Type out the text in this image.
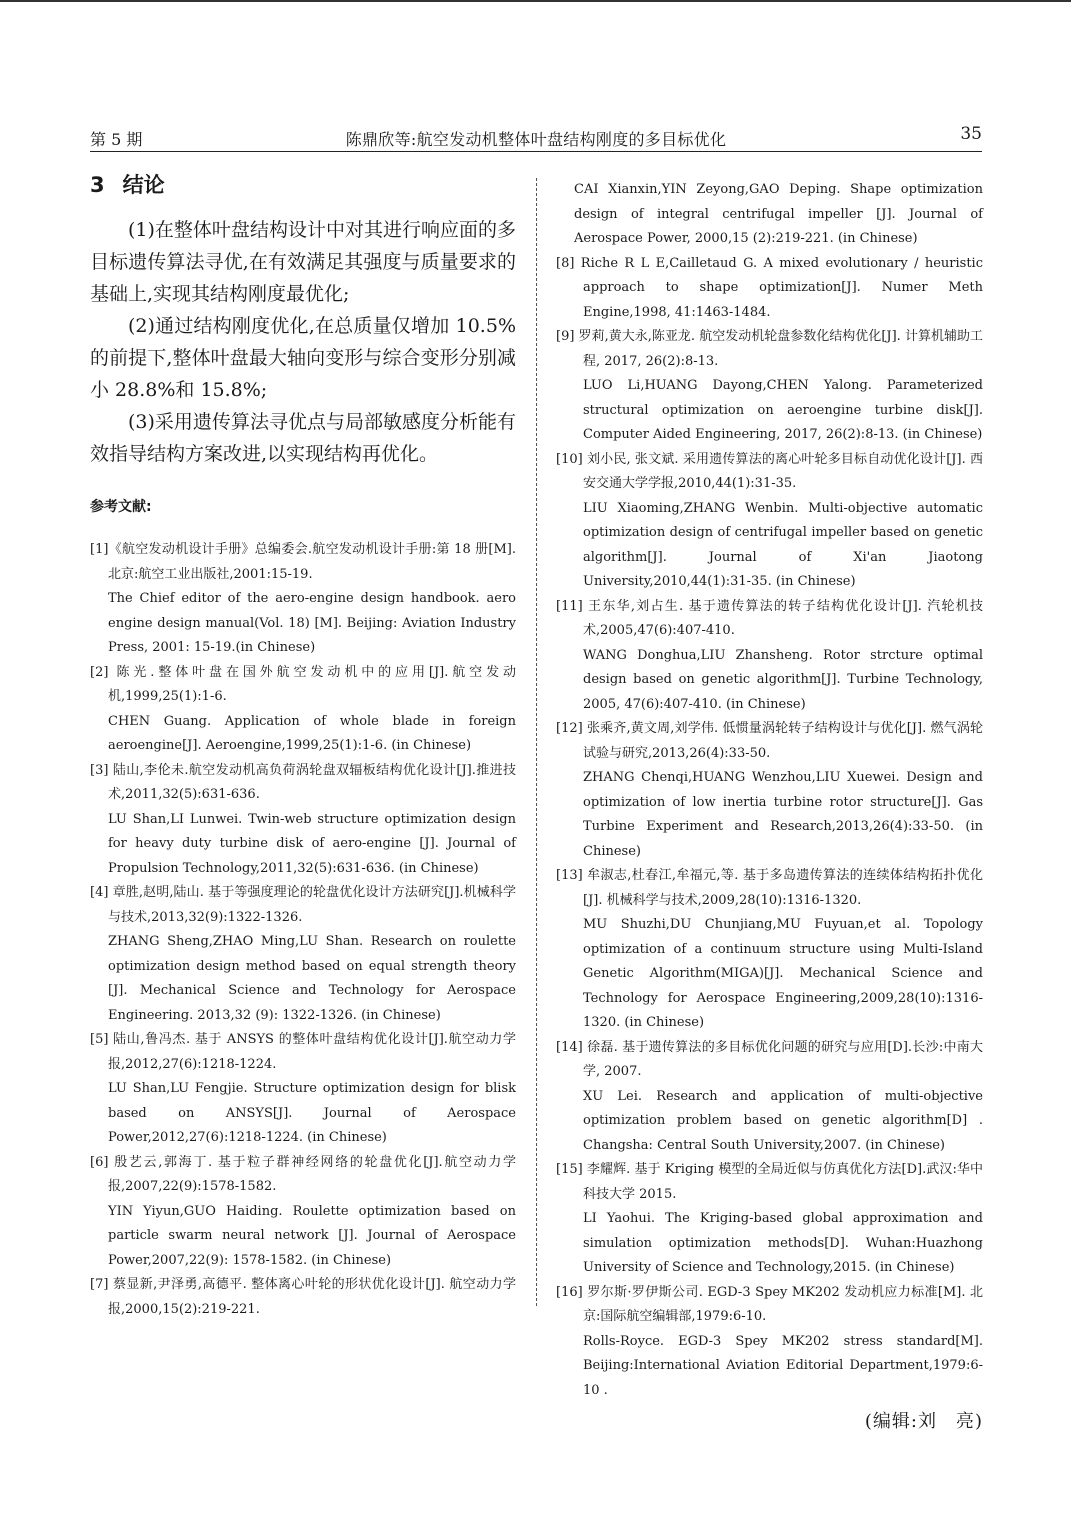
第 5 期	陈鼎欣等:航空发动机整体叶盘结构刚度的多目标优化	35
3 结论

(1)在整体叶盘结构设计中对其进行响应面的多目标遗传算法寻优,在有效满足其强度与质量要求的基础上,实现其结构刚度最优化;

(2)通过结构刚度优化,在总质量仅增加 10.5%的前提下,整体叶盘最大轴向变形与综合变形分别减小 28.8%和 15.8%;

(3)采用遗传算法寻优点与局部敏感度分析能有效指导结构方案改进,以实现结构再优化。

参考文献:

[1]《航空发动机设计手册》总编委会.航空发动机设计手册:第 18 册[M].北京:航空工业出版社,2001:15-19.

The Chief editor of the aero-engine design handbook. aero engine design manual(Vol. 18) [M]. Beijing: Aviation Industry Press, 2001: 15-19.(in Chinese)

[2] 陈光.整体叶盘在国外航空发动机中的应用[J].航空发动机,1999,25(1):1-6.

CHEN Guang. Application of whole blade in foreign aeroengine[J]. Aeroengine,1999,25(1):1-6. (in Chinese)

[3] 陆山,李伦未.航空发动机高负荷涡轮盘双辐板结构优化设计[J].推进技术,2011,32(5):631-636.

LU Shan,LI Lunwei. Twin-web structure optimization design for heavy duty turbine disk of aero-engine [J]. Journal of Propulsion Technology,2011,32(5):631-636. (in Chinese)

[4] 章胜,赵明,陆山. 基于等强度理论的轮盘优化设计方法研究[J].机械科学与技术,2013,32(9):1322-1326.

ZHANG Sheng,ZHAO Ming,LU Shan. Research on roulette optimization design method based on equal strength theory [J]. Mechanical Science and Technology for Aerospace Engineering. 2013,32 (9): 1322-1326. (in Chinese)

[5] 陆山,鲁冯杰. 基于 ANSYS 的整体叶盘结构优化设计[J].航空动力学报,2012,27(6):1218-1224.

LU Shan,LU Fengjie. Structure optimization design for blisk based on ANSYS[J]. Journal of Aerospace Power,2012,27(6):1218-1224. (in Chinese)

[6] 殷艺云,郭海丁. 基于粒子群神经网络的轮盘优化[J].航空动力学报,2007,22(9):1578-1582.

YIN Yiyun,GUO Haiding. Roulette optimization based on particle swarm neural network [J]. Journal of Aerospace Power,2007,22(9): 1578-1582. (in Chinese)

[7] 蔡显新,尹泽勇,高德平. 整体离心叶轮的形状优化设计[J]. 航空动力学报,2000,15(2):219-221.

CAI Xianxin,YIN Zeyong,GAO Deping. Shape optimization design of integral centrifugal impeller [J]. Journal of Aerospace Power, 2000,15 (2):219-221. (in Chinese)

[8] Riche R L E,Cailletaud G. A mixed evolutionary / heuristic approach to shape optimization[J]. Numer Meth Engine,1998, 41:1463-1484.

[9] 罗莉,黄大永,陈亚龙. 航空发动机轮盘参数化结构优化[J]. 计算机辅助工程, 2017, 26(2):8-13.

LUO Li,HUANG Dayong,CHEN Yalong. Parameterized structural optimization on aeroengine turbine disk[J]. Computer Aided Engineering, 2017, 26(2):8-13. (in Chinese)

[10] 刘小民, 张文斌. 采用遗传算法的离心叶轮多目标自动优化设计[J]. 西安交通大学学报,2010,44(1):31-35.

LIU Xiaoming,ZHANG Wenbin. Multi-objective automatic optimization design of centrifugal impeller based on genetic algorithm[J]. Journal of Xi'an Jiaotong University,2010,44(1):31-35. (in Chinese)

[11] 王东华,刘占生. 基于遗传算法的转子结构优化设计[J]. 汽轮机技术,2005,47(6):407-410.

WANG Donghua,LIU Zhansheng. Rotor strcture optimal design based on genetic algorithm[J]. Turbine Technology, 2005, 47(6):407-410. (in Chinese)

[12] 张乘齐,黄文周,刘学伟. 低惯量涡轮转子结构设计与优化[J]. 燃气涡轮试验与研究,2013,26(4):33-50.

ZHANG Chenqi,HUANG Wenzhou,LIU Xuewei. Design and optimization of low inertia turbine rotor structure[J]. Gas Turbine Experiment and Research,2013,26(4):33-50. (in Chinese)

[13] 牟淑志,杜春江,牟福元,等. 基于多岛遗传算法的连续体结构拓扑优化[J]. 机械科学与技术,2009,28(10):1316-1320.

MU Shuzhi,DU Chunjiang,MU Fuyuan,et al. Topology optimization of a continuum structure using Multi-Island Genetic Algorithm(MIGA)[J]. Mechanical Science and Technology for Aerospace Engineering,2009,28(10):1316-1320. (in Chinese)

[14] 徐磊. 基于遗传算法的多目标优化问题的研究与应用[D].长沙:中南大学, 2007.

XU Lei. Research and application of multi-objective optimization problem based on genetic algorithm[D] . Changsha: Central South University,2007. (in Chinese)

[15] 李耀辉. 基于 Kriging 模型的全局近似与仿真优化方法[D].武汉:华中科技大学 2015.

LI Yaohui. The Kriging-based global approximation and simulation optimization methods[D]. Wuhan:Huazhong University of Science and Technology,2015. (in Chinese)

[16] 罗尔斯·罗伊斯公司. EGD-3 Spey MK202 发动机应力标准[M]. 北京:国际航空编辑部,1979:6-10.

Rolls-Royce. EGD-3 Spey MK202 stress standard[M]. Beijing:International Aviation Editorial Department,1979:6-10 .

(编辑:刘　亮)
